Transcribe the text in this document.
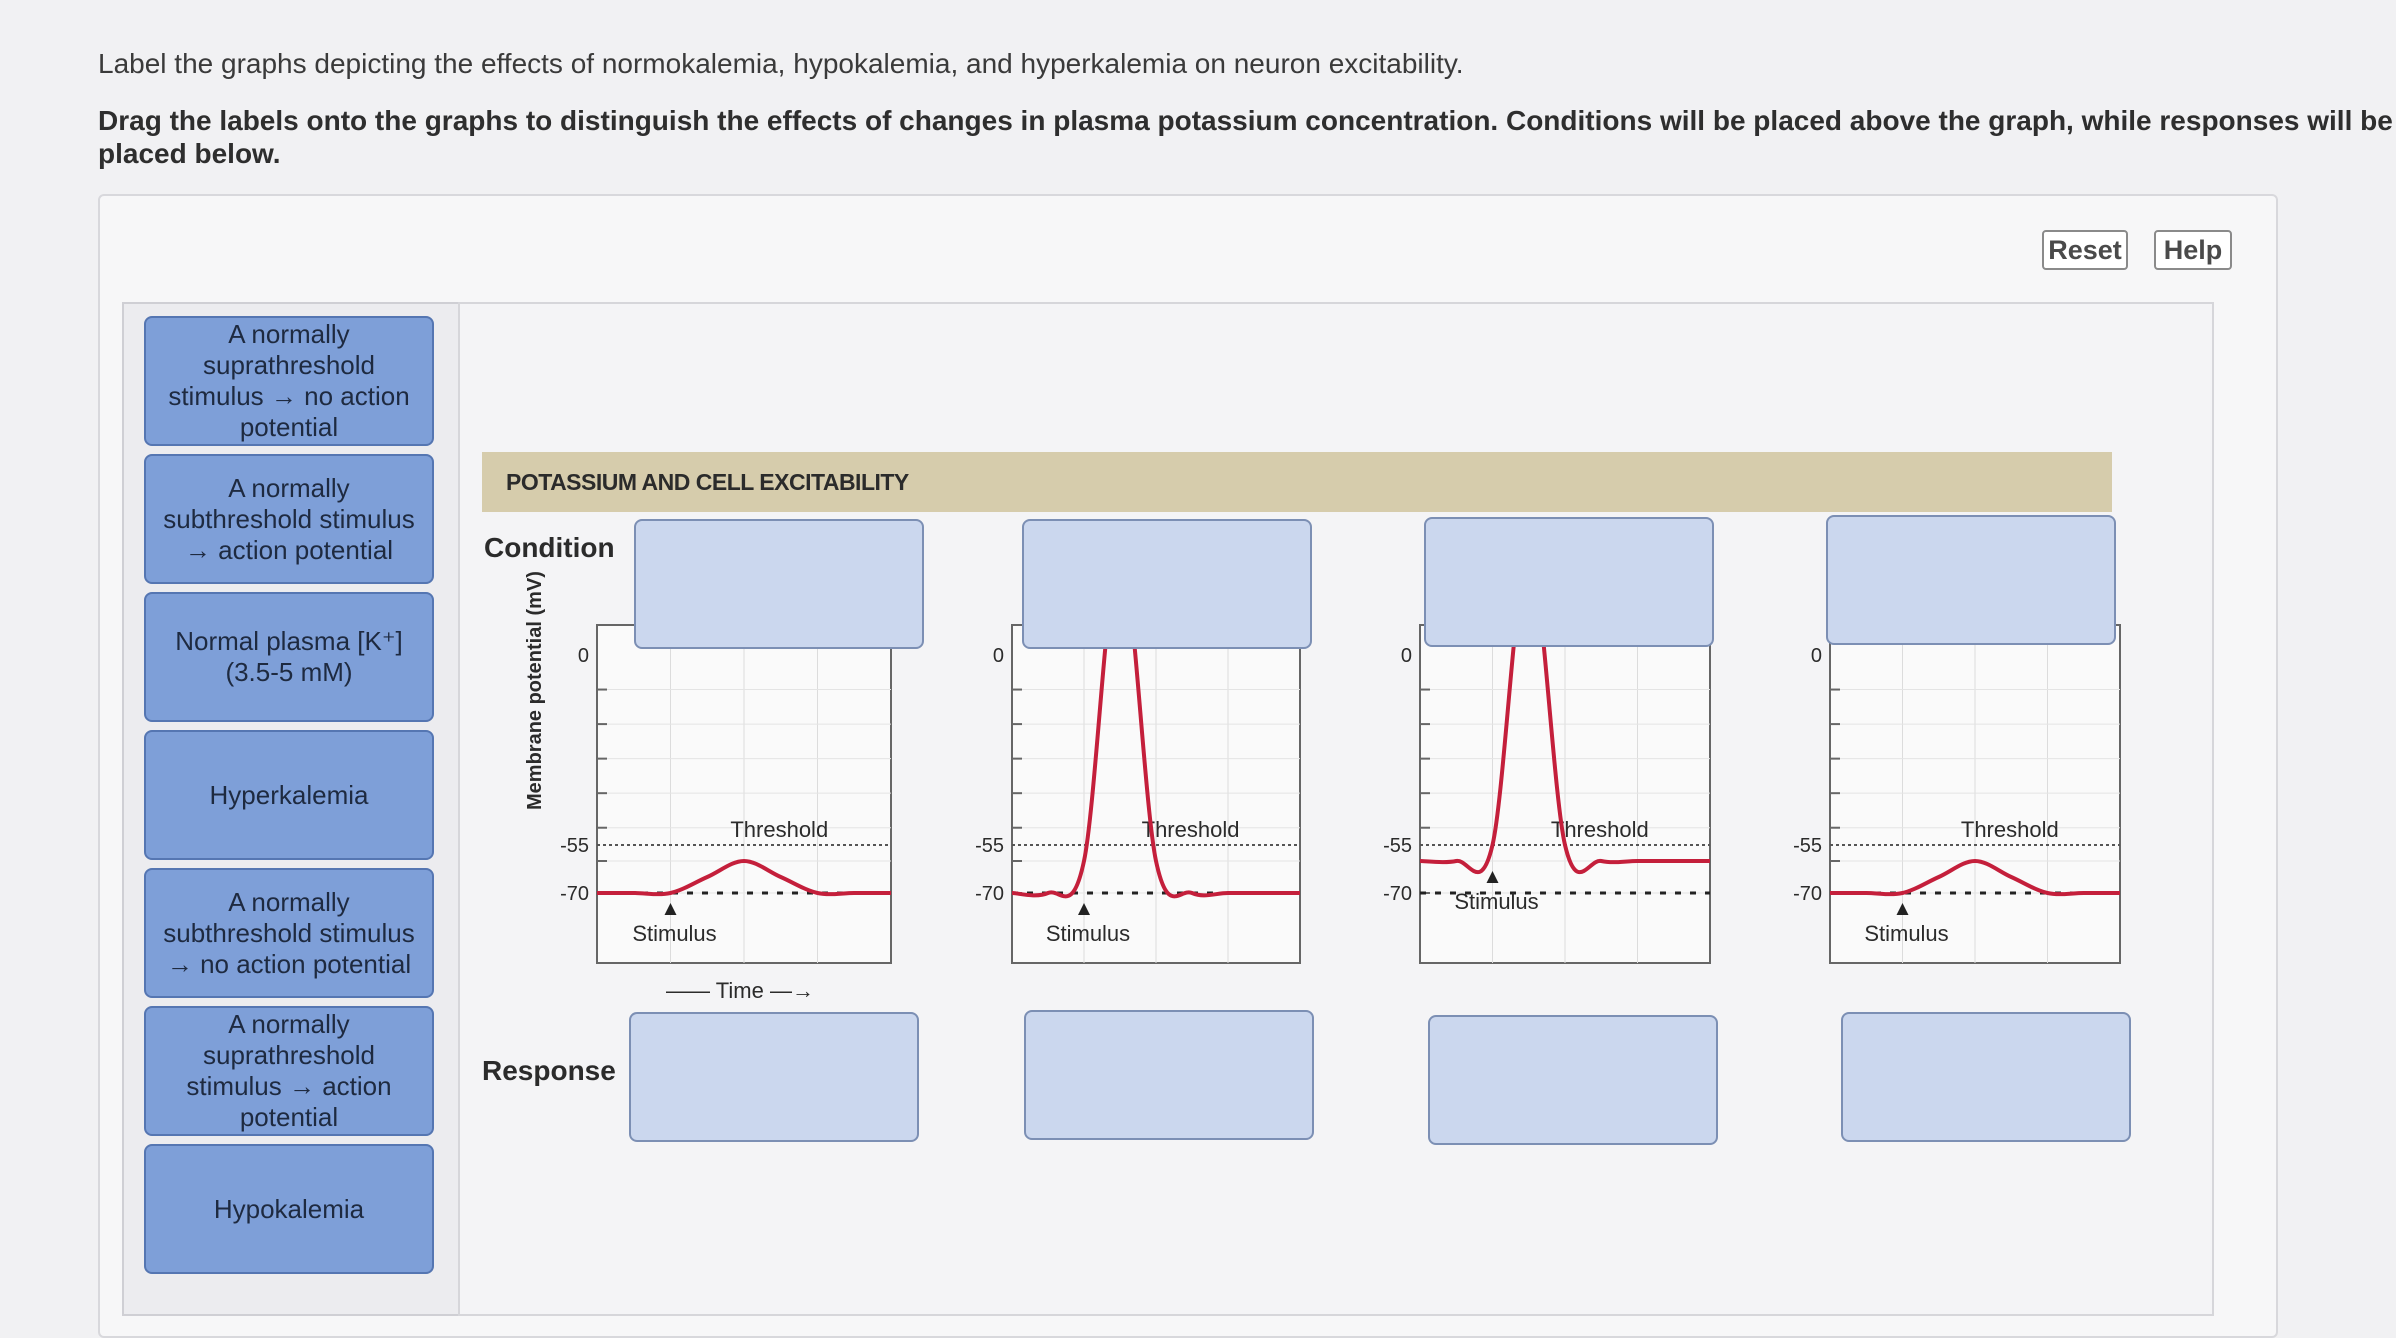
Label the graphs depicting the effects of normokalemia, hypokalemia, and hyperkalemia on neuron excitability.
Drag the labels onto the graphs to distinguish the effects of changes in plasma potassium concentration. Conditions will be placed above the graph, while responses will be placed below.
Reset	Help
A normally suprathreshold stimulus → no action potential
A normally subthreshold stimulus → action potential
Normal plasma [K⁺] (3.5-5 mM)
Hyperkalemia
A normally subthreshold stimulus → no action potential
A normally suprathreshold stimulus → action potential
Hypokalemia
POTASSIUM AND CELL EXCITABILITY
Condition
Response
Membrane potential (mV) 0
-55
-70
Threshold
Stimulus
0
-55
-70
Threshold
Stimulus
0
-55
-70
Threshold
Stimulus
0
-55
-70
Threshold
Stimulus
—— Time —→
